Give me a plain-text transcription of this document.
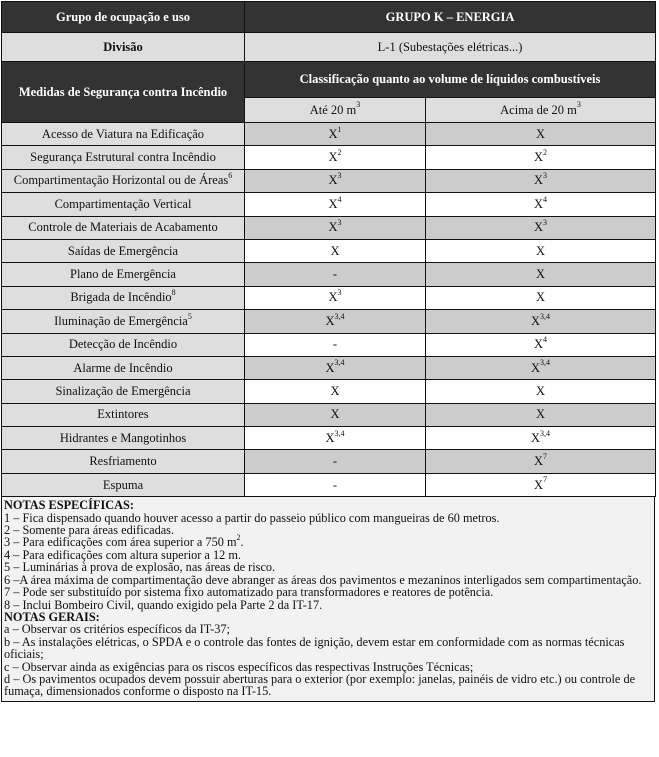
Grupo de ocupação e uso	GRUPO K – ENERGIA	
Divisão	L-1 (Subestações elétricas...)	
Medidas de Segurança contra Incêndio	Classificação quanto ao volume de líquidos combustíveis	
	Até 20 $m^3$	Acima de 20 $m^3$
Acesso de Viatura na Edificação	$X^1$	X
Segurança Estrutural contra Incêndio	$X^2$	$X^2$
Compartimentação Horizontal ou de Áreas$^6$	$X^3$	$X^3$
Compartimentação Vertical	$X^4$	$X^4$
Controle de Materiais de Acabamento	$X^3$	$X^3$
Saídas de Emergência	X	X
Plano de Emergência	-	X
Brigada de Incêndio$^8$	$X^3$	X
Iluminação de Emergência$^5$	X$^{3,4}$	X$^{3,4}$
Detecção de Incêndio	-	$X^4$
Alarme de Incêndio	X$^{3,4}$	X$^{3,4}$
Sinalização de Emergência	X	X
Extintores	X	X
Hidrantes e Mangotinhos	X$^{3,4}$	X$^{3,4}$
Resfriamento	-	$X^7$
Espuma	-	$X^7$
NOTAS ESPECÍFICAS:
1 – Fica dispensado quando houver acesso a partir do passeio público com mangueiras de 60 metros.
2 – Somente para áreas edificadas.
3 – Para edificações com área superior a 750 $m^2$.
4 – Para edificações com altura superior a 12 m.
5 – Luminárias à prova de explosão, nas áreas de risco.
6 –A área máxima de compartimentação deve abranger as áreas dos pavimentos e mezaninos interligados sem compartimentação.
7 – Pode ser substituído por sistema fixo automatizado para transformadores e reatores de potência.
8 – Inclui Bombeiro Civil, quando exigido pela Parte 2 da IT-17.
NOTAS GERAIS:
a – Observar os critérios específicos da IT-37;
b – As instalações elétricas, o SPDA e o controle das fontes de ignição, devem estar em conformidade com as normas técnicas oficiais;
c – Observar ainda as exigências para os riscos específicos das respectivas Instruções Técnicas;
d – Os pavimentos ocupados devem possuir aberturas para o exterior (por exemplo: janelas, painéis de vidro etc.) ou controle de fumaça, dimensionados conforme o disposto na IT-15.
